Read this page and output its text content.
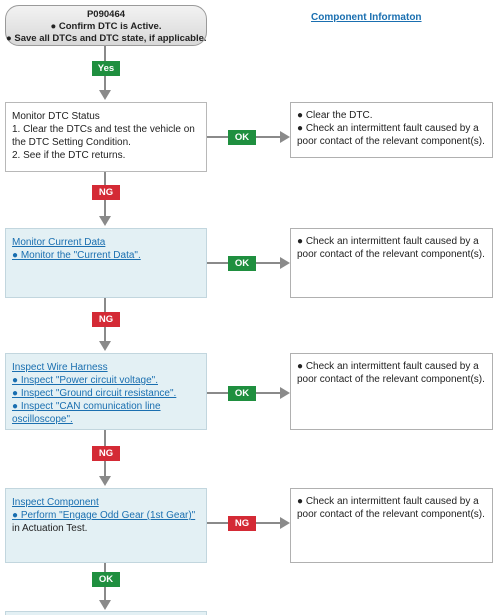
P090464
● Confirm DTC is Active.
● Save all DTCs and DTC state, if applicable.
Component Informaton
Yes
Monitor DTC Status
1. Clear the DTCs and test the vehicle on the DTC Setting Condition.
2. See if the DTC returns.
OK
● Clear the DTC.
● Check an intermittent fault caused by a poor contact of the relevant component(s).
NG
Monitor Current Data
● Monitor the "Current Data".
OK
● Check an intermittent fault caused by a poor contact of the relevant component(s).
NG
Inspect Wire Harness
● Inspect "Power circuit voltage".
● Inspect "Ground circuit resistance".
● Inspect "CAN comunication line oscilloscope".
OK
● Check an intermittent fault caused by a poor contact of the relevant component(s).
NG
Inspect Component
● Perform "Engage Odd Gear (1st Gear)"
in Actuation Test.	NG
● Check an intermittent fault caused by a poor contact of the relevant component(s).
OK
